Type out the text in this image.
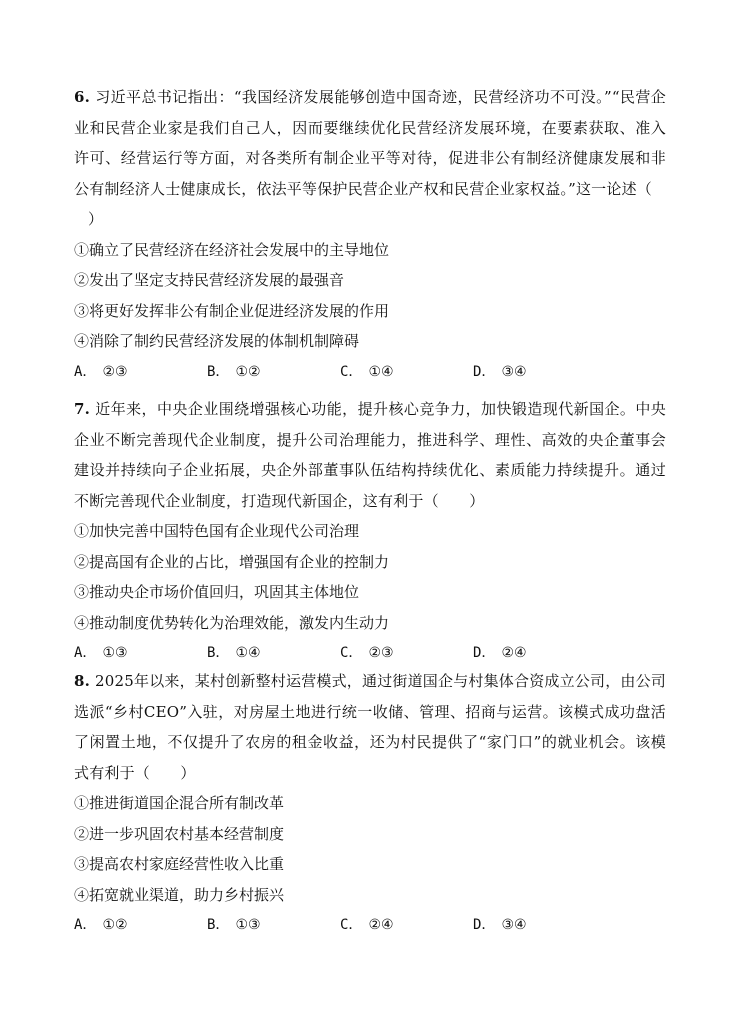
6. 习近平总书记指出：“我国经济发展能够创造中国奇迹，民营经济功不可没。”“民营企业和民营企业家是我们自己人，因而要继续优化民营经济发展环境，在要素获取、准入许可、经营运行等方面，对各类所有制企业平等对待，促进非公有制经济健康发展和非公有制经济人士健康成长，依法平等保护民营企业产权和民营企业家权益。”这一论述（
）

①确立了民营经济在经济社会发展中的主导地位

②发出了坚定支持民营经济发展的最强音

③将更好发挥非公有制企业促进经济发展的作用

④消除了制约民营经济发展的体制机制障碍

A． ②③	B． ①②	C． ①④	D． ③④

7. 近年来，中央企业围绕增强核心功能，提升核心竞争力，加快锻造现代新国企。中央企业不断完善现代企业制度，提升公司治理能力，推进科学、理性、高效的央企董事会建设并持续向子企业拓展，央企外部董事队伍结构持续优化、素质能力持续提升。通过不断完善现代企业制度，打造现代新国企，这有利于（　　）

①加快完善中国特色国有企业现代公司治理

②提高国有企业的占比，增强国有企业的控制力

③推动央企市场价值回归，巩固其主体地位

④推动制度优势转化为治理效能，激发内生动力

A． ①③	B． ①④	C． ②③	D． ②④

8. 2025年以来，某村创新整村运营模式，通过街道国企与村集体合资成立公司，由公司选派“乡村CEO”入驻，对房屋土地进行统一收储、管理、招商与运营。该模式成功盘活了闲置土地，不仅提升了农房的租金收益，还为村民提供了“家门口”的就业机会。该模式有利于（　　）

①推进街道国企混合所有制改革

②进一步巩固农村基本经营制度

③提高农村家庭经营性收入比重

④拓宽就业渠道，助力乡村振兴

A． ①②	B． ①③	C． ②④	D． ③④
